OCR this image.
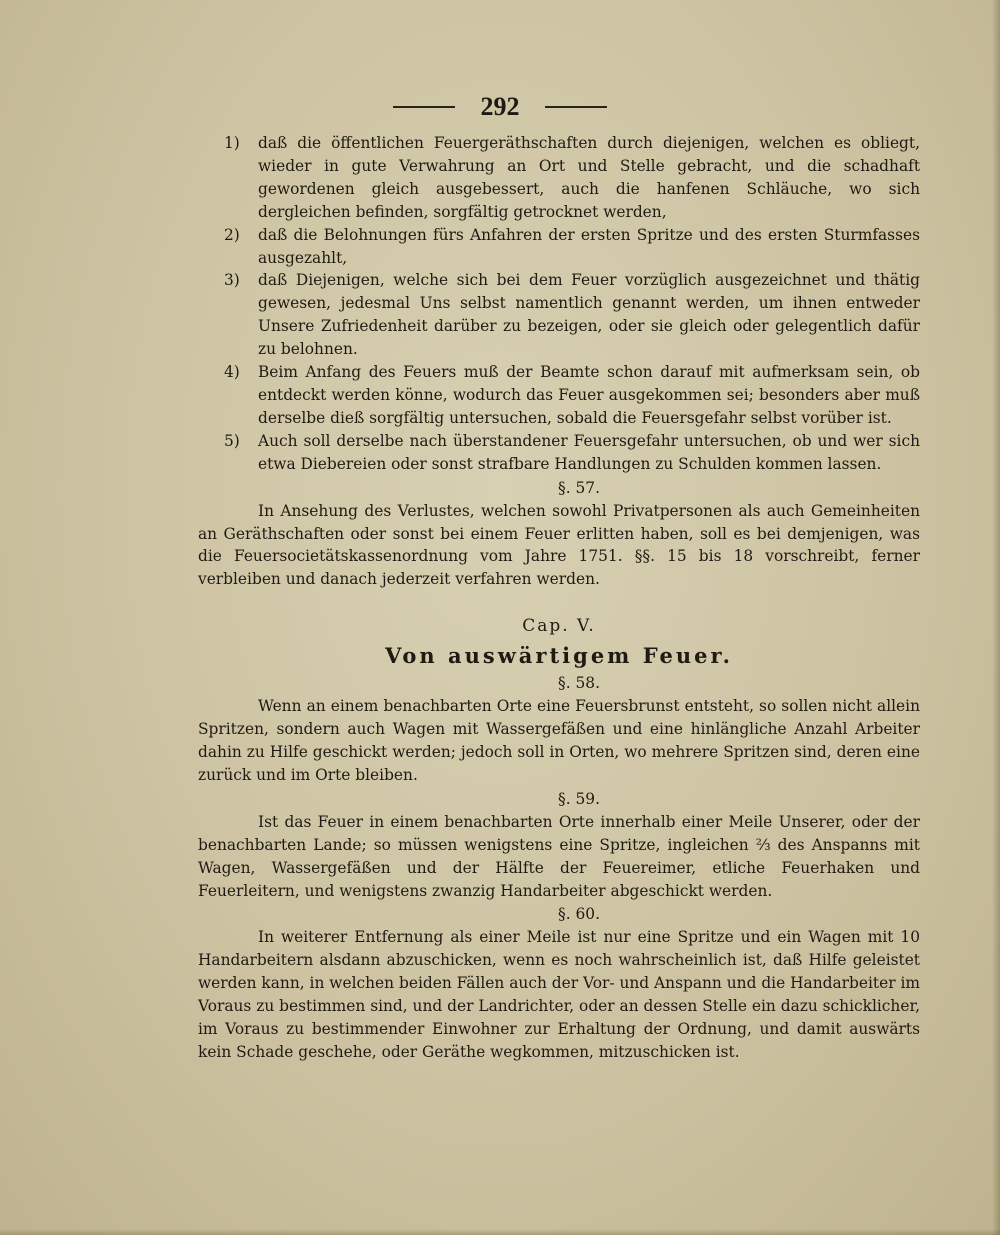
292
1) daß die öffentlichen Feuergeräthschaften durch diejenigen, welchen es obliegt, wieder in gute Verwahrung an Ort und Stelle gebracht, und die schadhaft gewordenen gleich ausgebessert, auch die hanfenen Schläuche, wo sich dergleichen befinden, sorgfältig getrocknet werden,
2) daß die Belohnungen fürs Anfahren der ersten Spritze und des ersten Sturmfasses ausgezahlt,
3) daß Diejenigen, welche sich bei dem Feuer vorzüglich ausgezeichnet und thätig gewesen, jedesmal Uns selbst namentlich genannt werden, um ihnen entweder Unsere Zufriedenheit darüber zu bezeigen, oder sie gleich oder gelegentlich dafür zu belohnen.
4) Beim Anfang des Feuers muß der Beamte schon darauf mit aufmerksam sein, ob entdeckt werden könne, wodurch das Feuer ausgekommen sei; besonders aber muß derselbe dieß sorgfältig untersuchen, sobald die Feuersgefahr selbst vorüber ist.
5) Auch soll derselbe nach überstandener Feuersgefahr untersuchen, ob und wer sich etwa Diebereien oder sonst strafbare Handlungen zu Schulden kommen lassen.
§. 57.
In Ansehung des Verlustes, welchen sowohl Privatpersonen als auch Gemeinheiten an Geräthschaften oder sonst bei einem Feuer erlitten haben, soll es bei demjenigen, was die Feuersocietätskassenordnung vom Jahre 1751. §§. 15 bis 18 vorschreibt, ferner verbleiben und danach jederzeit verfahren werden.
Cap. V.
Von auswärtigem Feuer.
§. 58.
Wenn an einem benachbarten Orte eine Feuersbrunst entsteht, so sollen nicht allein Spritzen, sondern auch Wagen mit Wassergefäßen und eine hinlängliche Anzahl Arbeiter dahin zu Hilfe geschickt werden; jedoch soll in Orten, wo mehrere Spritzen sind, deren eine zurück und im Orte bleiben.
§. 59.
Ist das Feuer in einem benachbarten Orte innerhalb einer Meile Unserer, oder der benachbarten Lande; so müssen wenigstens eine Spritze, ingleichen ⅔ des Anspanns mit Wagen, Wassergefäßen und der Hälfte der Feuereimer, etliche Feuerhaken und Feuerleitern, und wenigstens zwanzig Handarbeiter abgeschickt werden.
§. 60.
In weiterer Entfernung als einer Meile ist nur eine Spritze und ein Wagen mit 10 Handarbeitern alsdann abzuschicken, wenn es noch wahrscheinlich ist, daß Hilfe geleistet werden kann, in welchen beiden Fällen auch der Vor- und Anspann und die Handarbeiter im Voraus zu bestimmen sind, und der Landrichter, oder an dessen Stelle ein dazu schicklicher, im Voraus zu bestimmender Einwohner zur Erhaltung der Ordnung, und damit auswärts kein Schade geschehe, oder Geräthe wegkommen, mitzuschicken ist.
